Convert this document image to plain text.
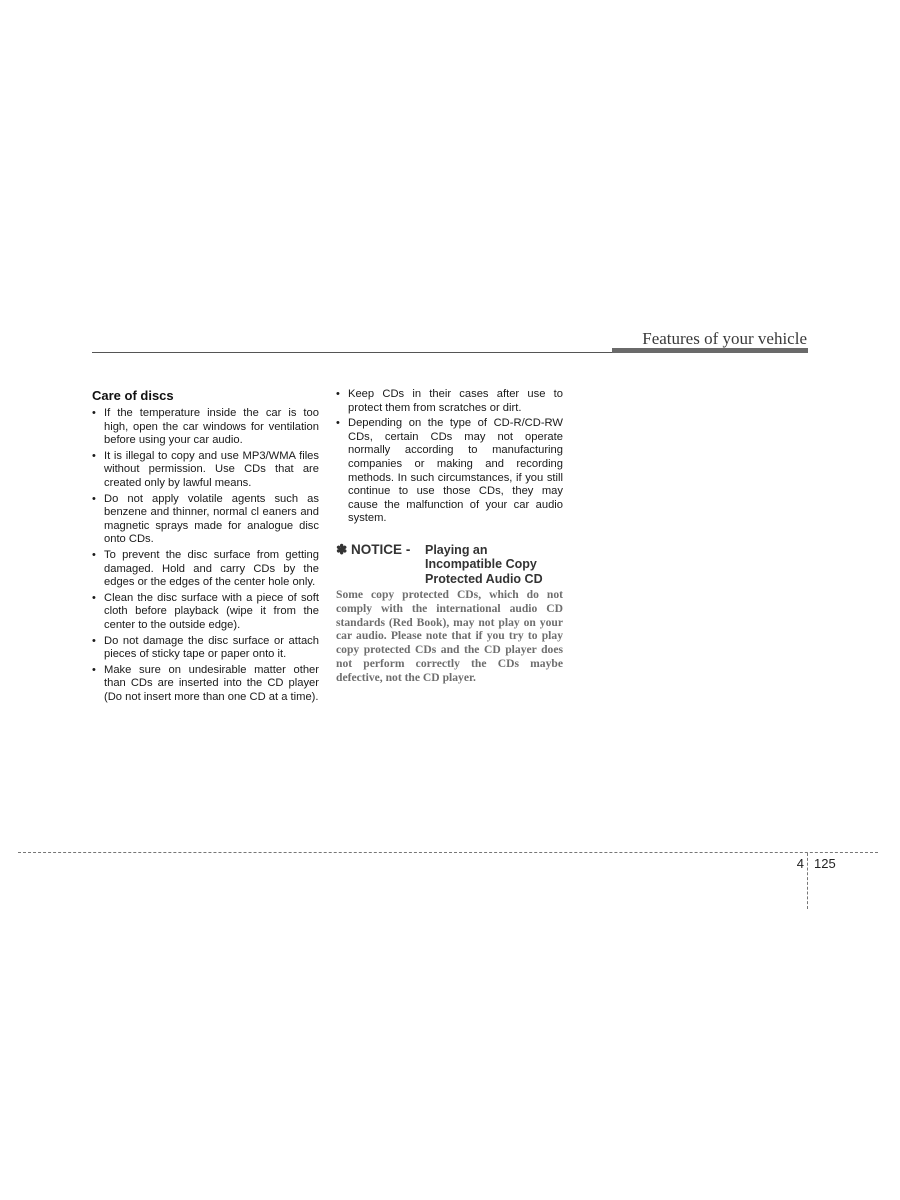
Features of your vehicle
Care of discs
• If the temperature inside the car is too high, open the car windows for ventilation before using your car audio.
• It is illegal to copy and use MP3/WMA files without permission. Use CDs that are created only by lawful means.
• Do not apply volatile agents such as benzene and thinner, normal cl eaners and magnetic sprays made for analogue disc onto CDs.
• To prevent the disc surface from getting damaged. Hold and carry CDs by the edges or the edges of the center hole only.
• Clean the disc surface with a piece of soft cloth before playback (wipe it from the center to the outside edge).
• Do not damage the disc surface or attach pieces of sticky tape or paper onto it.
• Make sure on undesirable matter other than CDs are inserted into the CD player (Do not insert more than one CD at a time).
• Keep CDs in their cases after use to protect them from scratches or dirt.
• Depending on the type of CD-R/CD-RW CDs, certain CDs may not operate normally according to manufacturing companies or making and recording methods. In such circumstances, if you still continue to use those CDs, they may cause the malfunction of your car audio system.
✽ NOTICE - Playing an Incompatible Copy Protected Audio CD
Some copy protected CDs, which do not comply with the international audio CD standards (Red Book), may not play on your car audio. Please note that if you try to play copy protected CDs and the CD player does not perform correctly the CDs maybe defective, not the CD player.
4 125
